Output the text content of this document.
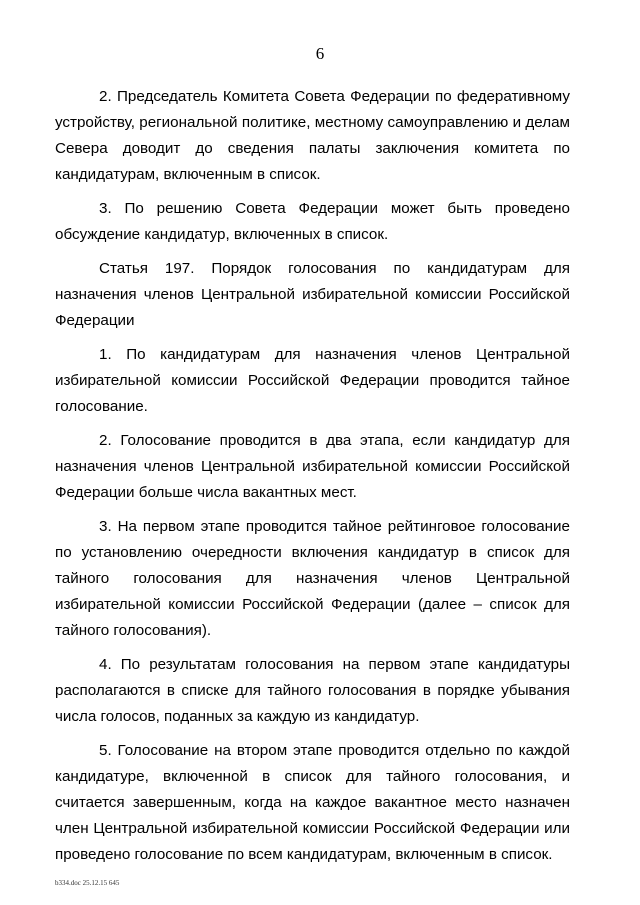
6

2. Председатель Комитета Совета Федерации по федеративному устройству, региональной политике, местному самоуправлению и делам Севера доводит до сведения палаты заключения комитета по кандидатурам, включенным в список.

3. По решению Совета Федерации может быть проведено обсуждение кандидатур, включенных в список.

Статья 197. Порядок голосования по кандидатурам для назначения членов Центральной избирательной комиссии Российской Федерации

1. По кандидатурам для назначения членов Центральной избирательной комиссии Российской Федерации проводится тайное голосование.

2. Голосование проводится в два этапа, если кандидатур для назначения членов Центральной избирательной комиссии Российской Федерации больше числа вакантных мест.

3. На первом этапе проводится тайное рейтинговое голосование по установлению очередности включения кандидатур в список для тайного голосования для назначения членов Центральной избирательной комиссии Российской Федерации (далее – список для тайного голосования).

4. По результатам голосования на первом этапе кандидатуры располагаются в списке для тайного голосования в порядке убывания числа голосов, поданных за каждую из кандидатур.

5. Голосование на втором этапе проводится отдельно по каждой кандидатуре, включенной в список для тайного голосования, и считается завершенным, когда на каждое вакантное место назначен член Центральной избирательной комиссии Российской Федерации или проведено голосование по всем кандидатурам, включенным в список.

b334.doc 25.12.15 645
